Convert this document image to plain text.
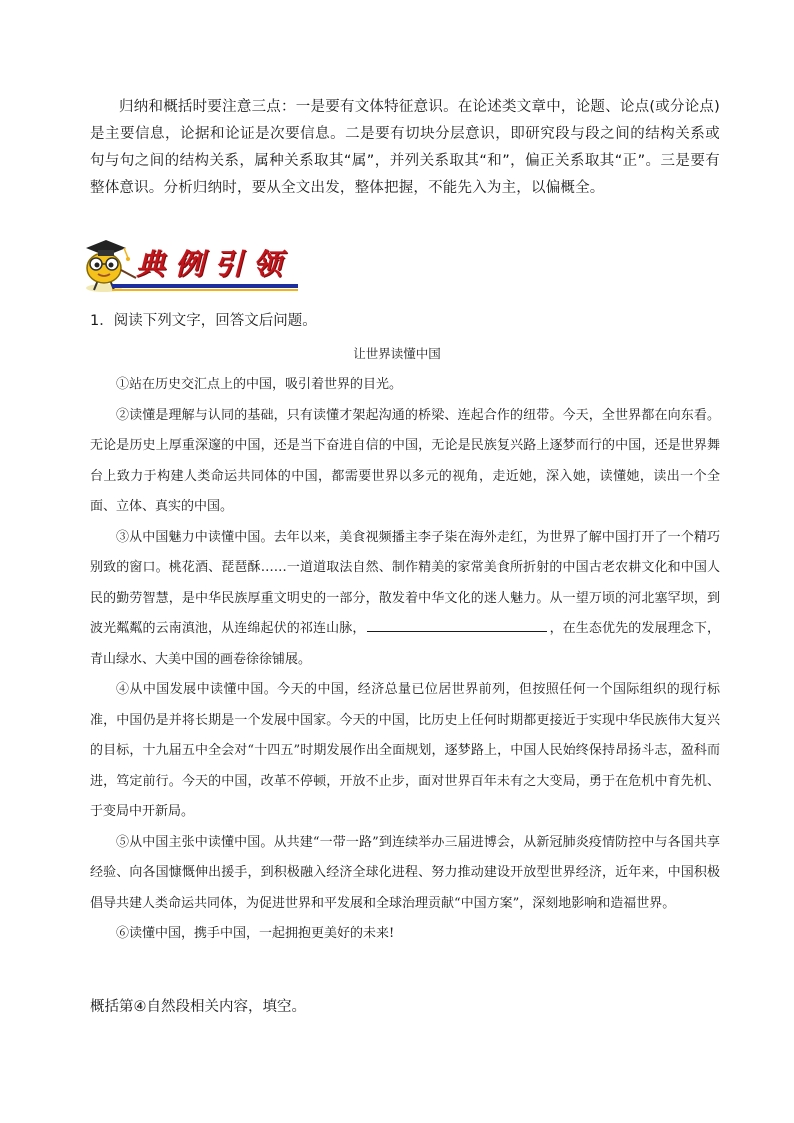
归纳和概括时要注意三点：一是要有文体特征意识。在论述类文章中，论题、论点(或分论点)是主要信息，论据和论证是次要信息。二是要有切块分层意识，即研究段与段之间的结构关系或句与句之间的结构关系，属种关系取其“属”，并列关系取其“和”，偏正关系取其“正”。三是要有整体意识。分析归纳时，要从全文出发，整体把握，不能先入为主，以偏概全。

典例引领

1．阅读下列文字，回答文后问题。

让世界读懂中国

①站在历史交汇点上的中国，吸引着世界的目光。

②读懂是理解与认同的基础，只有读懂才架起沟通的桥梁、连起合作的纽带。今天，全世界都在向东看。无论是历史上厚重深邃的中国，还是当下奋进自信的中国，无论是民族复兴路上逐梦而行的中国，还是世界舞台上致力于构建人类命运共同体的中国，都需要世界以多元的视角，走近她，深入她，读懂她，读出一个全面、立体、真实的中国。

③从中国魅力中读懂中国。去年以来，美食视频播主李子柒在海外走红，为世界了解中国打开了一个精巧别致的窗口。桃花酒、琵琶酥……一道道取法自然、制作精美的家常美食所折射的中国古老农耕文化和中国人民的勤劳智慧，是中华民族厚重文明史的一部分，散发着中华文化的迷人魅力。从一望万顷的河北塞罕坝，到波光粼粼的云南滇池，从连绵起伏的祁连山脉，	，在生态优先的发展理念下，青山绿水、大美中国的画卷徐徐铺展。

④从中国发展中读懂中国。今天的中国，经济总量已位居世界前列，但按照任何一个国际组织的现行标准，中国仍是并将长期是一个发展中国家。今天的中国，比历史上任何时期都更接近于实现中华民族伟大复兴的目标，十九届五中全会对“十四五”时期发展作出全面规划，逐梦路上，中国人民始终保持昂扬斗志，盈科而进，笃定前行。今天的中国，改革不停顿，开放不止步，面对世界百年未有之大变局，勇于在危机中育先机、于变局中开新局。

⑤从中国主张中读懂中国。从共建“一带一路”到连续举办三届进博会，从新冠肺炎疫情防控中与各国共享经验、向各国慷慨伸出援手，到积极融入经济全球化进程、努力推动建设开放型世界经济，近年来，中国积极倡导共建人类命运共同体，为促进世界和平发展和全球治理贡献“中国方案”，深刻地影响和造福世界。

⑥读懂中国，携手中国，一起拥抱更美好的未来!

概括第④自然段相关内容，填空。
